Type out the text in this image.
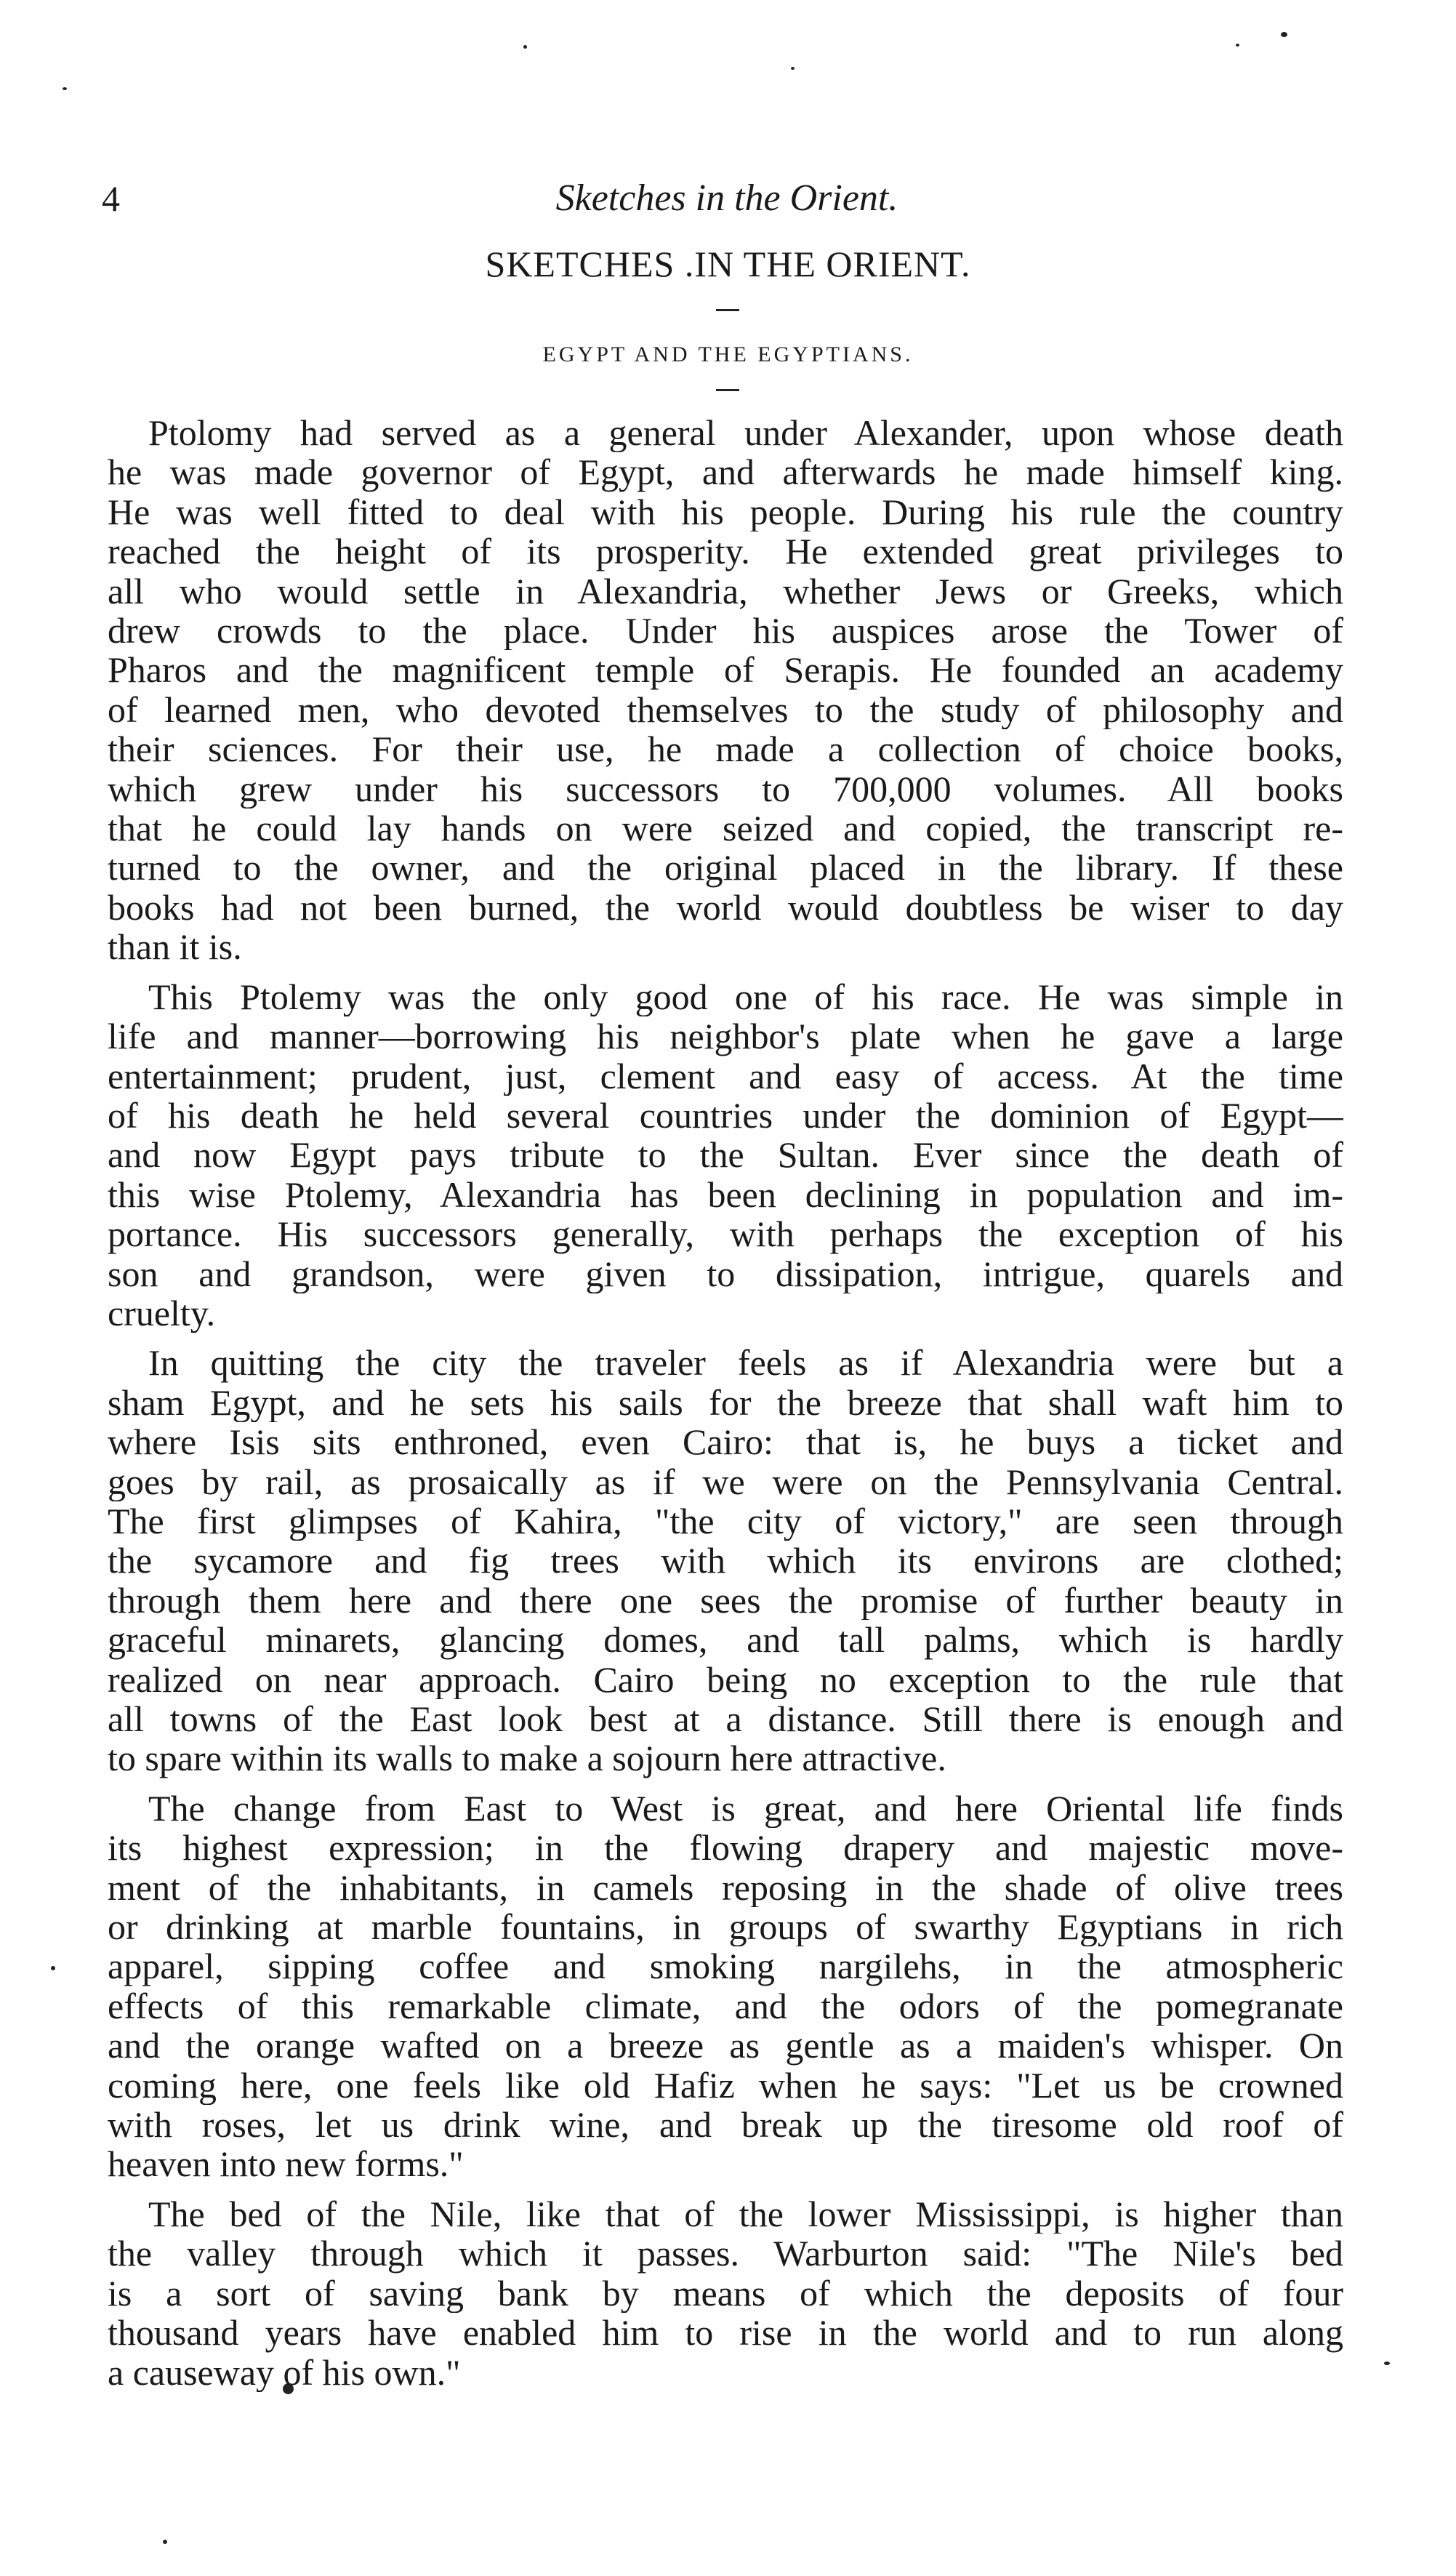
4	Sketches in the Orient.
SKETCHES .IN THE ORIENT.
EGYPT AND THE EGYPTIANS.
Ptolomy had served as a general under Alexander, upon whose death
he was made governor of Egypt, and afterwards he made himself king.
He was well fitted to deal with his people. During his rule the country
reached the height of its prosperity. He extended great privileges to
all who would settle in Alexandria, whether Jews or Greeks, which
drew crowds to the place. Under his auspices arose the Tower of
Pharos and the magnificent temple of Serapis. He founded an academy
of learned men, who devoted themselves to the study of philosophy and
their sciences. For their use, he made a collection of choice books,
which grew under his successors to 700,000 volumes. All books
that he could lay hands on were seized and copied, the transcript re-
turned to the owner, and the original placed in the library. If these
books had not been burned, the world would doubtless be wiser to day
than it is.
This Ptolemy was the only good one of his race. He was simple in
life and manner—borrowing his neighbor's plate when he gave a large
entertainment; prudent, just, clement and easy of access. At the time
of his death he held several countries under the dominion of Egypt—
and now Egypt pays tribute to the Sultan. Ever since the death of
this wise Ptolemy, Alexandria has been declining in population and im-
portance. His successors generally, with perhaps the exception of his
son and grandson, were given to dissipation, intrigue, quarels and
cruelty.
In quitting the city the traveler feels as if Alexandria were but a
sham Egypt, and he sets his sails for the breeze that shall waft him to
where Isis sits enthroned, even Cairo: that is, he buys a ticket and
goes by rail, as prosaically as if we were on the Pennsylvania Central.
The first glimpses of Kahira, "the city of victory," are seen through
the sycamore and fig trees with which its environs are clothed;
through them here and there one sees the promise of further beauty in
graceful minarets, glancing domes, and tall palms, which is hardly
realized on near approach. Cairo being no exception to the rule that
all towns of the East look best at a distance. Still there is enough and
to spare within its walls to make a sojourn here attractive.
The change from East to West is great, and here Oriental life finds
its highest expression; in the flowing drapery and majestic move-
ment of the inhabitants, in camels reposing in the shade of olive trees
or drinking at marble fountains, in groups of swarthy Egyptians in rich
apparel, sipping coffee and smoking nargilehs, in the atmospheric
effects of this remarkable climate, and the odors of the pomegranate
and the orange wafted on a breeze as gentle as a maiden's whisper. On
coming here, one feels like old Hafiz when he says: "Let us be crowned
with roses, let us drink wine, and break up the tiresome old roof of
heaven into new forms."
The bed of the Nile, like that of the lower Mississippi, is higher than
the valley through which it passes. Warburton said: "The Nile's bed
is a sort of saving bank by means of which the deposits of four
thousand years have enabled him to rise in the world and to run along
a causeway of his own."
